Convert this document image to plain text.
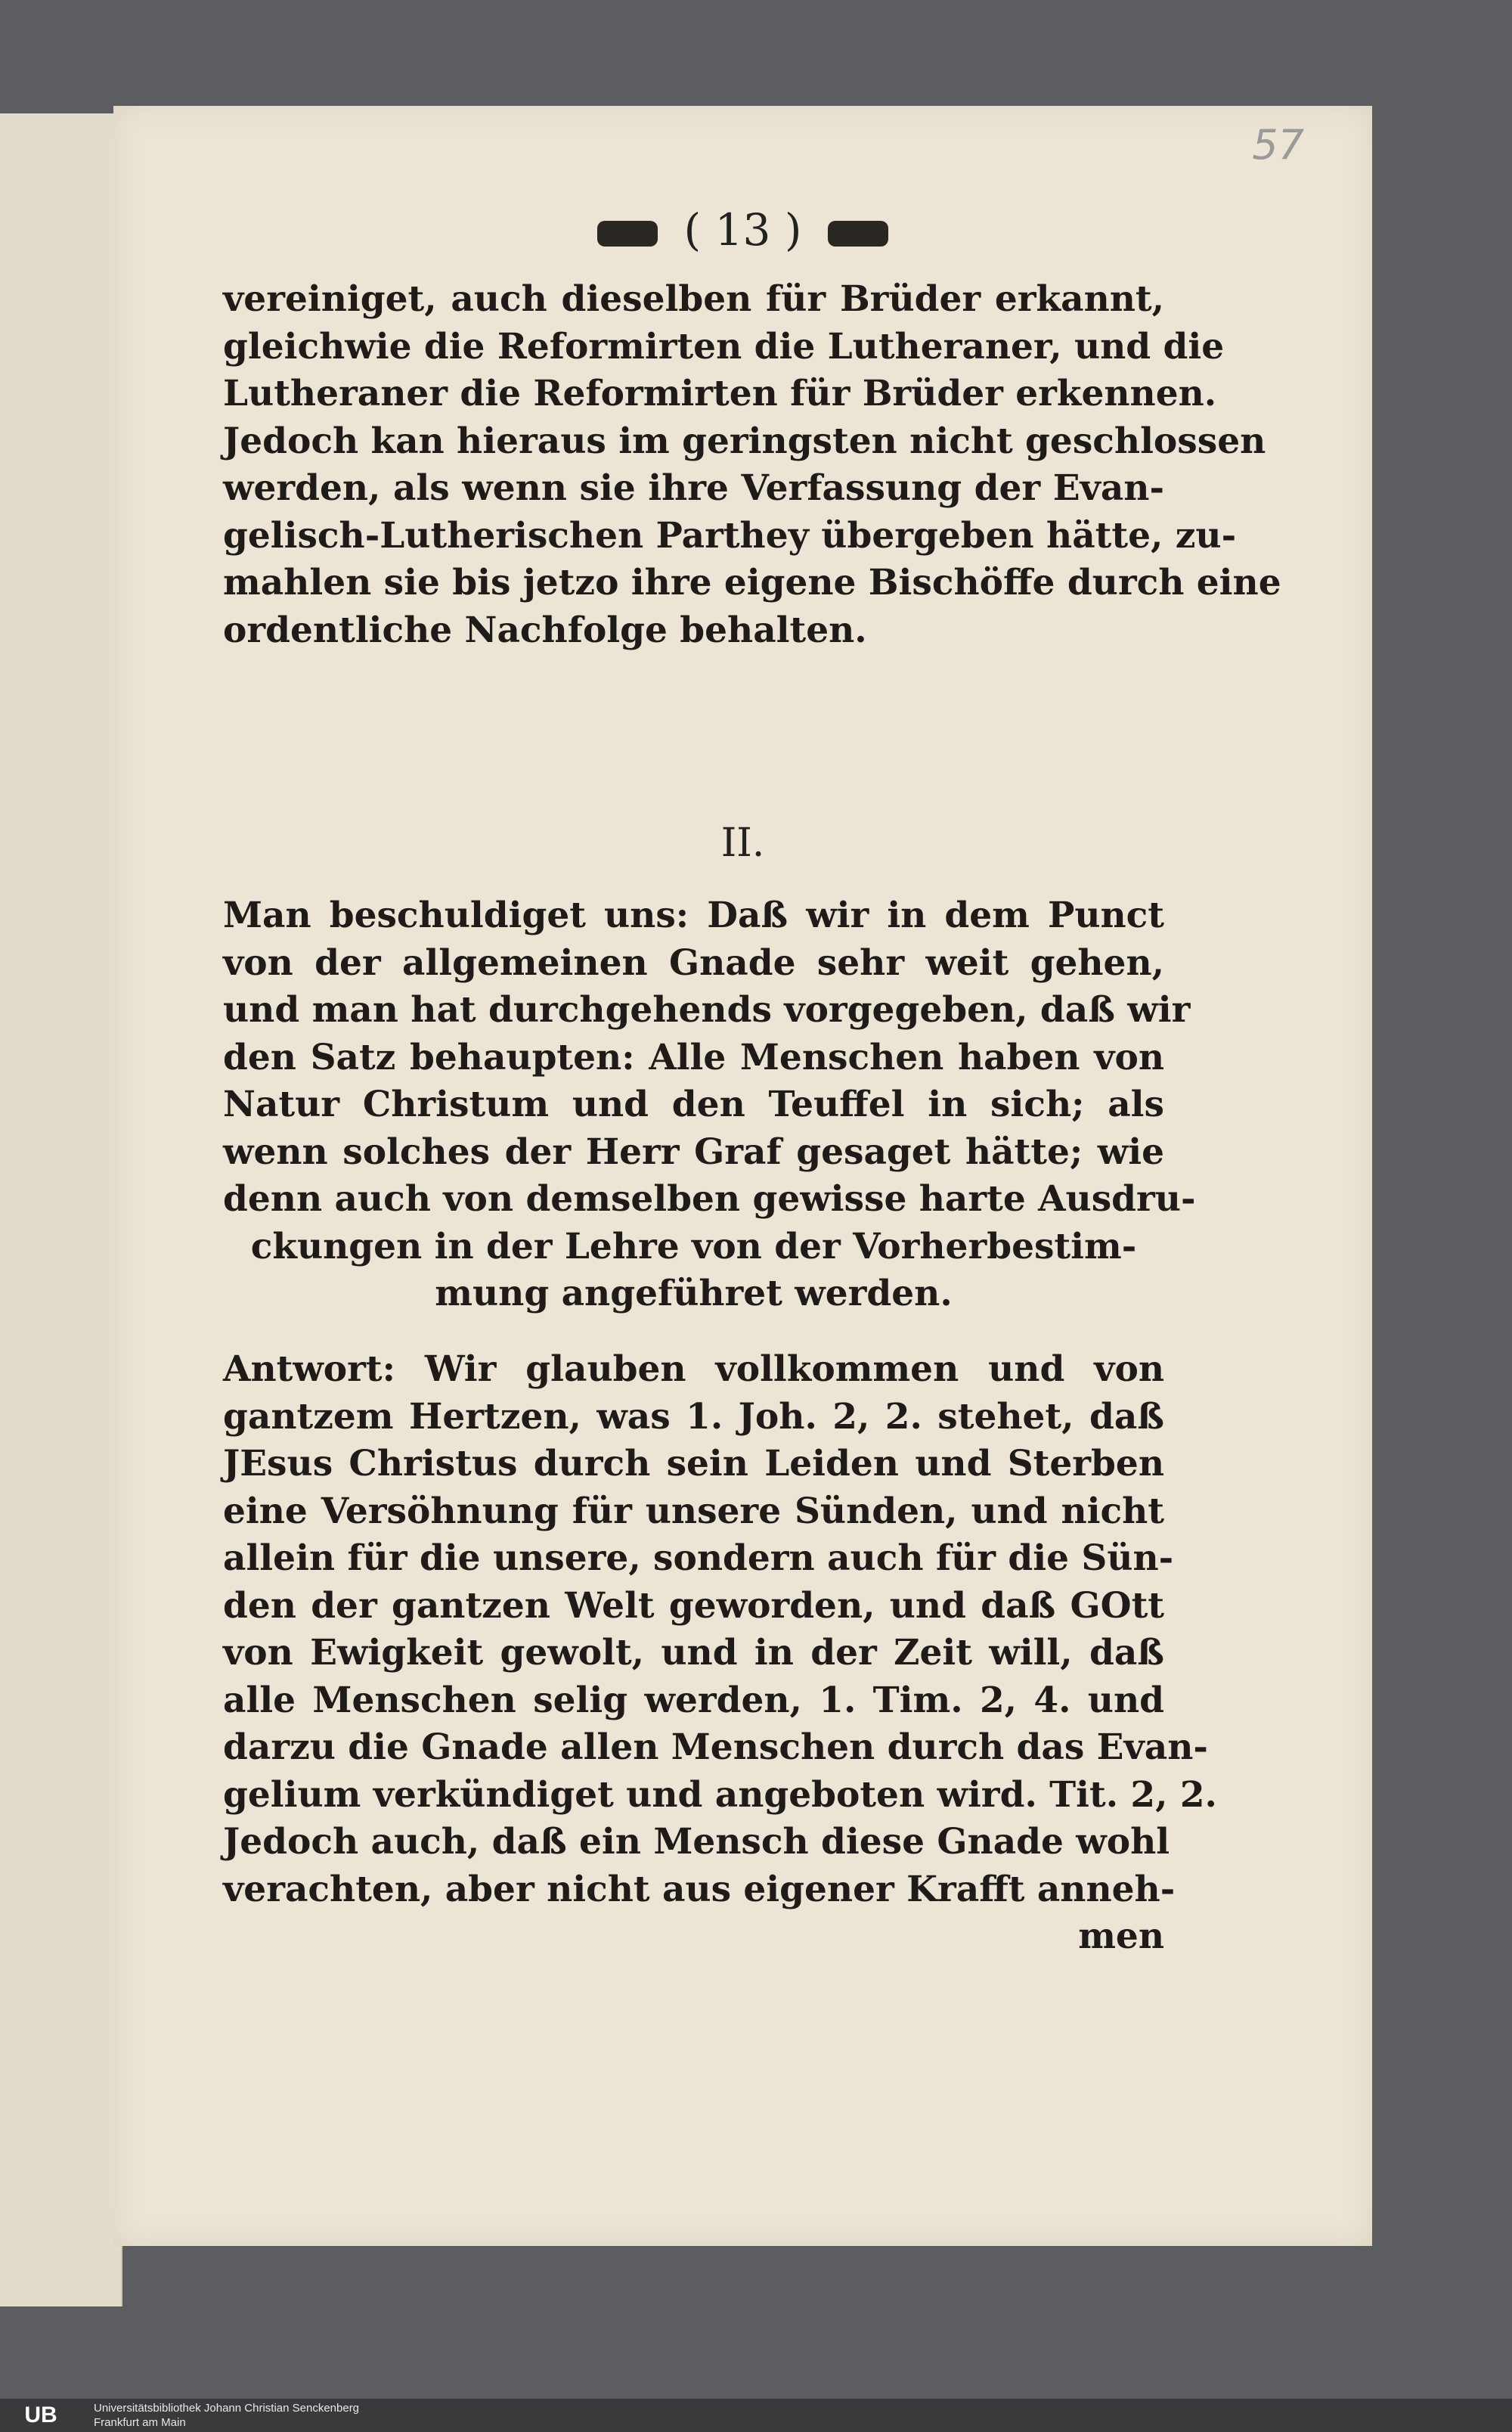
57
( 13 )
vereiniget, auch dieselben für Brüder erkannt,
gleichwie die Reformirten die Lutheraner, und die
Lutheraner die Reformirten für Brüder erkennen.
Jedoch kan hieraus im geringsten nicht geschlossen
werden, als wenn sie ihre Verfassung der Evan-
gelisch-Lutherischen Parthey übergeben hätte, zu-
mahlen sie bis jetzo ihre eigene Bischöffe durch eine
ordentliche Nachfolge behalten.
II.
Man beschuldiget uns: Daß wir in dem Punct
von der allgemeinen Gnade sehr weit gehen,
und man hat durchgehends vorgegeben, daß wir
den Satz behaupten: Alle Menschen haben von
Natur Christum und den Teuffel in sich; als
wenn solches der Herr Graf gesaget hätte; wie
denn auch von demselben gewisse harte Ausdru-
ckungen in der Lehre von der Vorherbestim-
mung angeführet werden.
Antwort: Wir glauben vollkommen und von
gantzem Hertzen, was 1. Joh. 2, 2. stehet, daß
JEsus Christus durch sein Leiden und Sterben
eine Versöhnung für unsere Sünden, und nicht
allein für die unsere, sondern auch für die Sün-
den der gantzen Welt geworden, und daß GOtt
von Ewigkeit gewolt, und in der Zeit will, daß
alle Menschen selig werden, 1. Tim. 2, 4. und
darzu die Gnade allen Menschen durch das Evan-
gelium verkündiget und angeboten wird. Tit. 2, 2.
Jedoch auch, daß ein Mensch diese Gnade wohl
verachten, aber nicht aus eigener Krafft anneh-
men
UB	Universitätsbibliothek Johann Christian Senckenberg
Frankfurt am Main
